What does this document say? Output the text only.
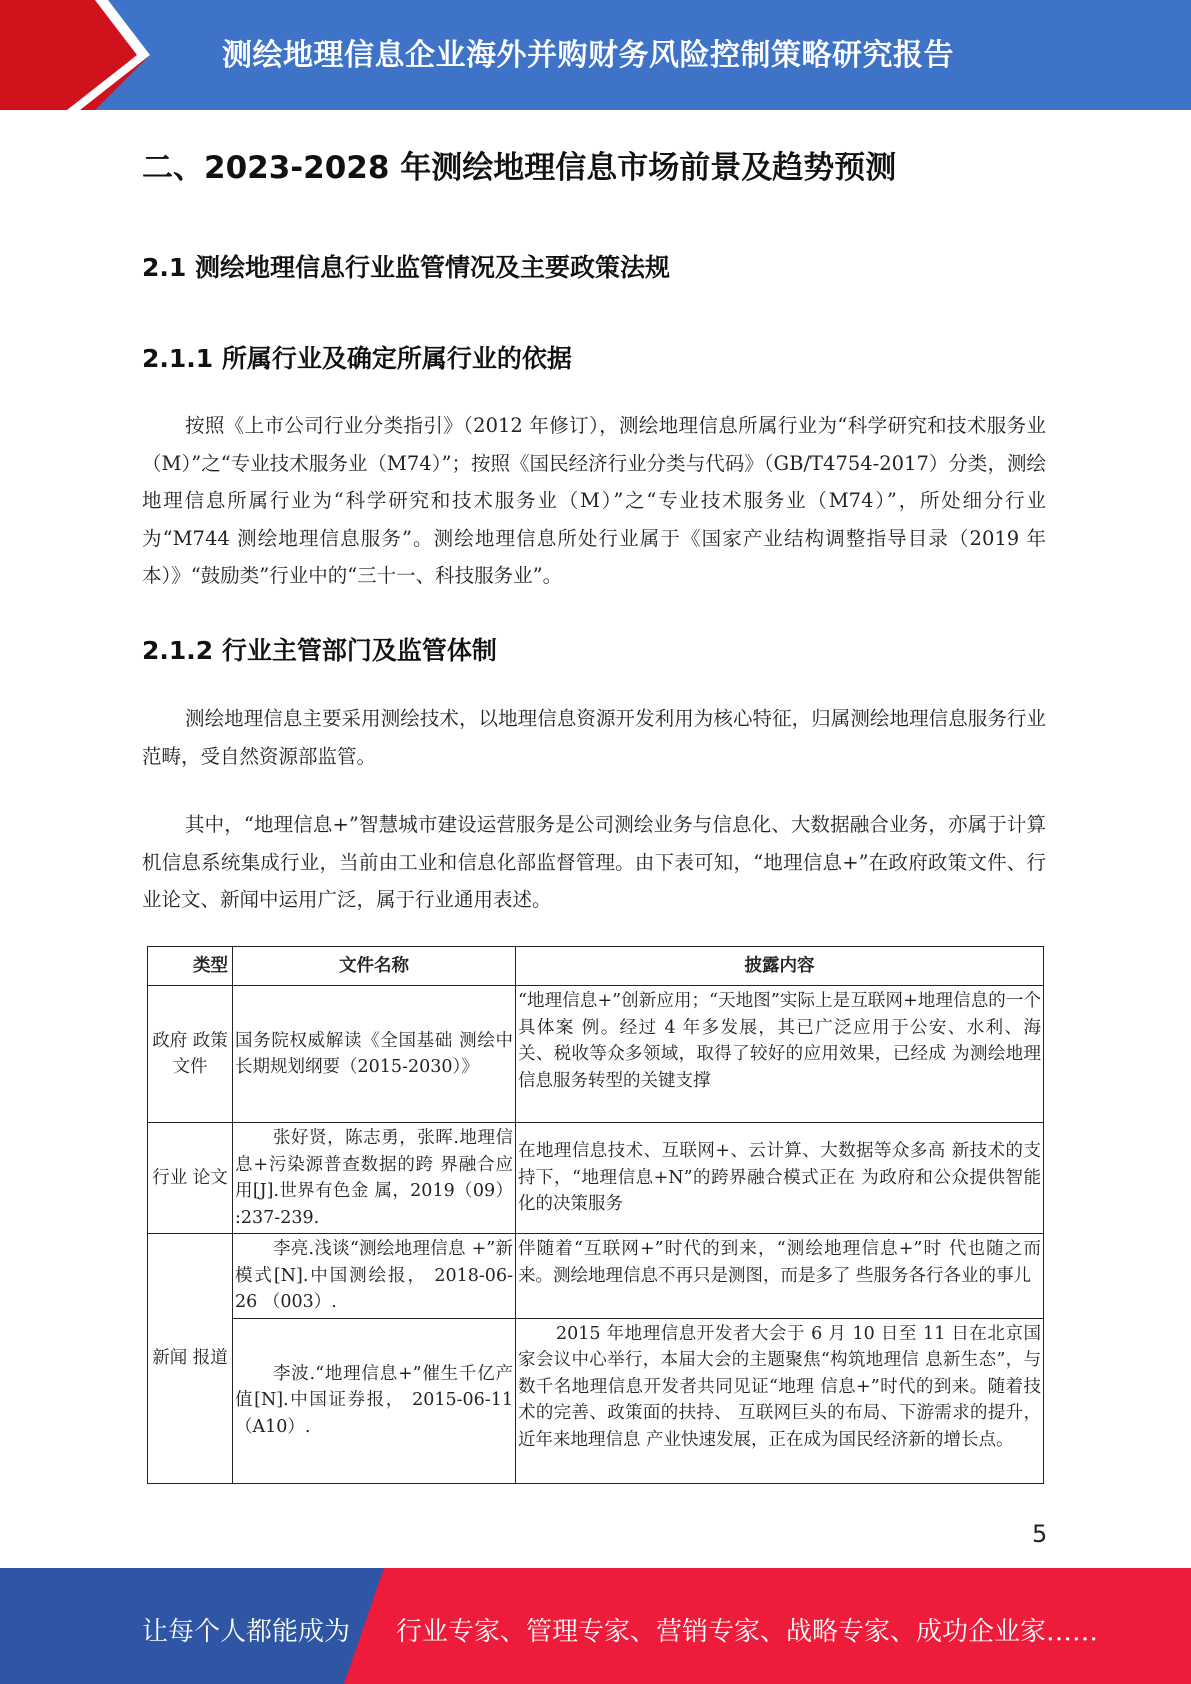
测绘地理信息企业海外并购财务风险控制策略研究报告
二、2023-2028 年测绘地理信息市场前景及趋势预测
2.1 测绘地理信息行业监管情况及主要政策法规
2.1.1 所属行业及确定所属行业的依据
按照《上市公司行业分类指引》（2012 年修订），测绘地理信息所属行业为“科学研究和技术服务业（M）”之“专业技术服务业（M74）”；按照《国民经济行业分类与代码》（GB/T4754-2017）分类，测绘地理信息所属行业为“科学研究和技术服务业（M）”之“专业技术服务业（M74）”，所处细分行业为“M744 测绘地理信息服务”。测绘地理信息所处行业属于《国家产业结构调整指导目录（2019 年本）》“鼓励类”行业中的“三十一、科技服务业”。
2.1.2 行业主管部门及监管体制
测绘地理信息主要采用测绘技术，以地理信息资源开发利用为核心特征，归属测绘地理信息服务行业范畴，受自然资源部监管。
其中，“地理信息+”智慧城市建设运营服务是公司测绘业务与信息化、大数据融合业务，亦属于计算机信息系统集成行业，当前由工业和信息化部监督管理。由下表可知，“地理信息+”在政府政策文件、行业论文、新闻中运用广泛，属于行业通用表述。
类型	文件名称	披露内容
政府 政策 文件	国务院权威解读《全国基础 测绘中长期规划纲要（2015-2030）》	“地理信息+”创新应用；“天地图”实际上是互联网+地理信息的一个具体案 例。经过 4 年多发展，其已广泛应用于公安、水利、海 关、税收等众多领域，取得了较好的应用效果，已经成 为测绘地理信息服务转型的关键支撑
行业 论文	张好贤，陈志勇，张晖.地理信息+污染源普查数据的跨 界融合应用[J].世界有色金 属，2019（09） :237-239.	在地理信息技术、互联网+、云计算、大数据等众多高 新技术的支持下，“地理信息+N”的跨界融合模式正在 为政府和公众提供智能化的决策服务
新闻 报道	李亮.浅谈“测绘地理信息 +”新模式[N].中国测绘报， 2018-06-26 （003）.	伴随着“互联网+”时代的到来，“测绘地理信息+”时 代也随之而来。测绘地理信息不再只是测图，而是多了 些服务各行各业的事儿
	李波.“地理信息+”催生千亿产值[N].中国证券报， 2015-06-11（A10）.	2015 年地理信息开发者大会于 6 月 10 日至 11 日在北京国家会议中心举行，本届大会的主题聚焦“构筑地理信 息新生态”，与数千名地理信息开发者共同见证“地理 信息+”时代的到来。随着技术的完善、政策面的扶持、 互联网巨头的布局、下游需求的提升，近年来地理信息 产业快速发展，正在成为国民经济新的增长点。
5
让每个人都能成为 行业专家、管理专家、营销专家、战略专家、成功企业家……
